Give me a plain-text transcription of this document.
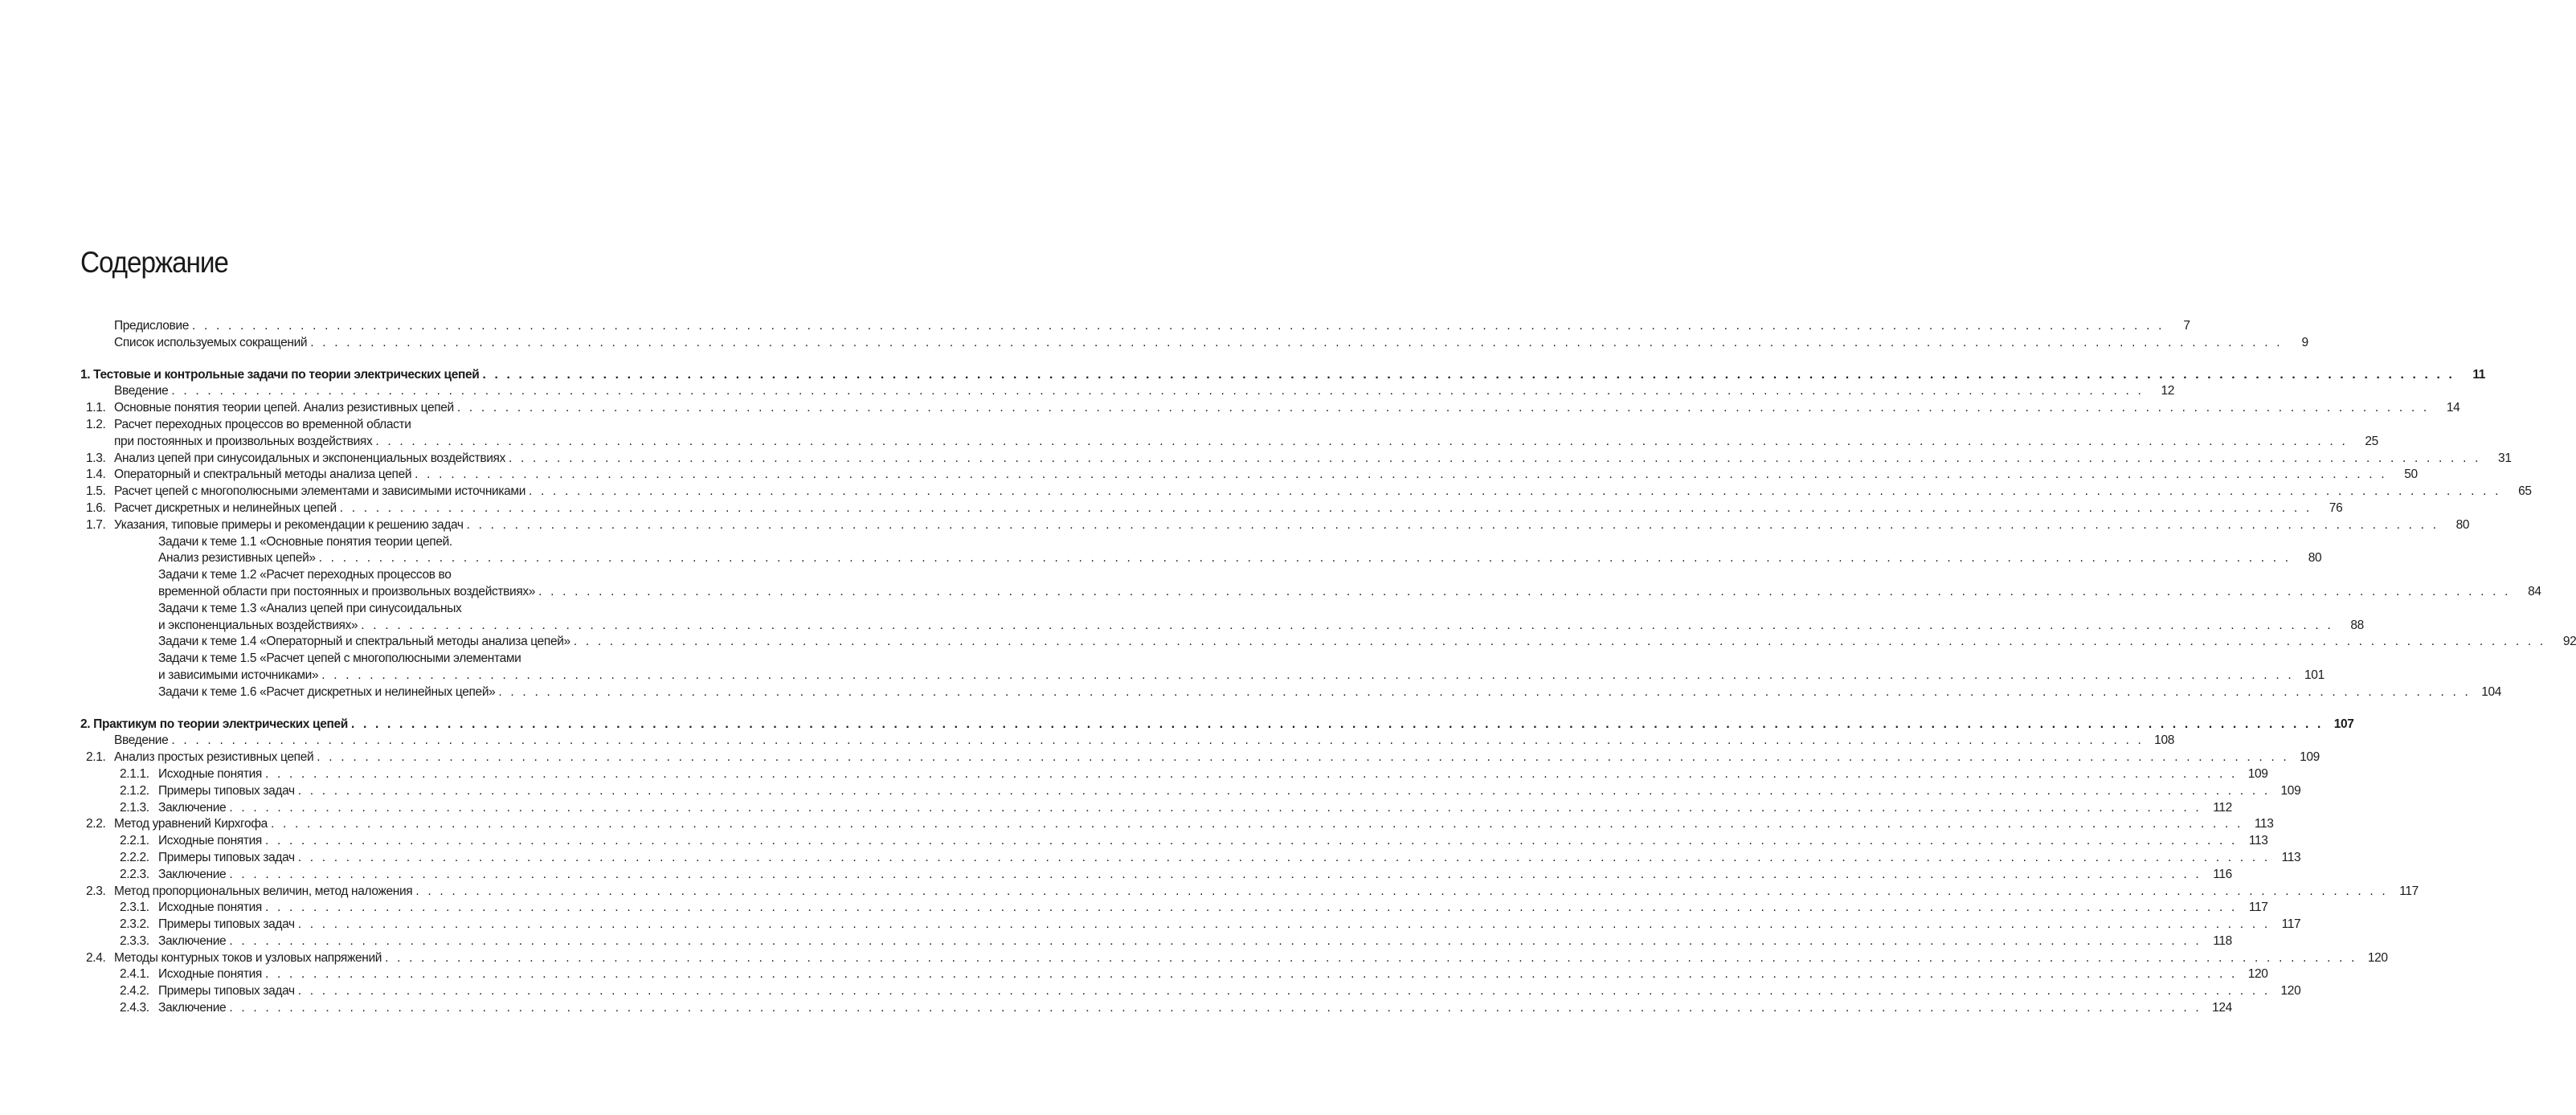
Содержание
Предисловие . . .	7
Список используемых сокращений . . .	9
1. Тестовые и контрольные задачи по теории электрических цепей . . .	11
Введение . . .	12
1.1. Основные понятия теории цепей. Анализ резистивных цепей . . .	14
1.2. Расчет переходных процессов во временной области
при постоянных и произвольных воздействиях . . .	25
1.3. Анализ цепей при синусоидальных и экспоненциальных воздействиях . . .	31
1.4. Операторный и спектральный методы анализа цепей . . .	50
1.5. Расчет цепей с многополюсными элементами и зависимыми источниками . . .	65
1.6. Расчет дискретных и нелинейных цепей . . .	76
1.7. Указания, типовые примеры и рекомендации к решению задач . . .	80
Задачи к теме 1.1 «Основные понятия теории цепей.
Анализ резистивных цепей» . . .	80
Задачи к теме 1.2 «Расчет переходных процессов во
временной области при постоянных и произвольных воздействиях» . . .	84
Задачи к теме 1.3 «Анализ цепей при синусоидальных
и экспоненциальных воздействиях» . . .	88
Задачи к теме 1.4 «Операторный и спектральный методы анализа цепей» . . .	92
Задачи к теме 1.5 «Расчет цепей с многополюсными элементами
и зависимыми источниками» . . .	101
Задачи к теме 1.6 «Расчет дискретных и нелинейных цепей» . . .	104
2. Практикум по теории электрических цепей . . .	107
Введение . . .	108
2.1. Анализ простых резистивных цепей . . .	109
2.1.1. Исходные понятия . . .	109
2.1.2. Примеры типовых задач . . .	109
2.1.3. Заключение . . .	112
2.2. Метод уравнений Кирхгофа . . .	113
2.2.1. Исходные понятия . . .	113
2.2.2. Примеры типовых задач . . .	113
2.2.3. Заключение . . .	116
2.3. Метод пропорциональных величин, метод наложения . . .	117
2.3.1. Исходные понятия . . .	117
2.3.2. Примеры типовых задач . . .	117
2.3.3. Заключение . . .	118
2.4. Методы контурных токов и узловых напряжений . . .	120
2.4.1. Исходные понятия . . .	120
2.4.2. Примеры типовых задач . . .	120
2.4.3. Заключение . . .	124
